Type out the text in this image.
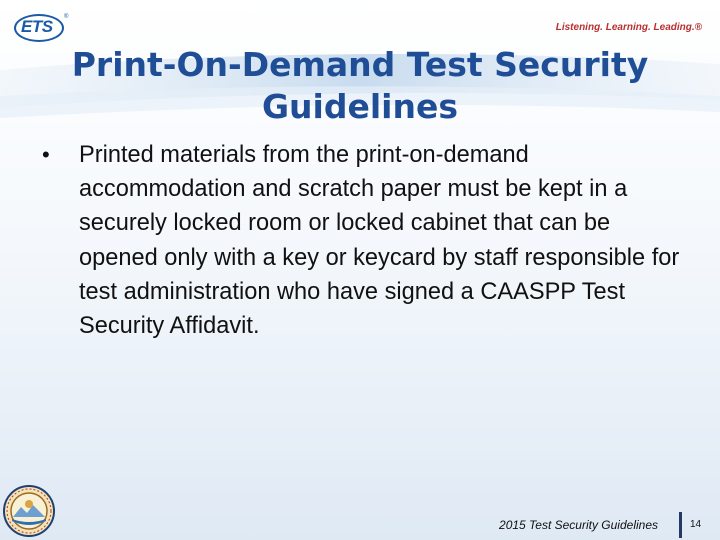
ETS ®
Listening. Learning. Leading.®
Print-On-Demand Test Security Guidelines
• Printed materials from the print-on-demand accommodation and scratch paper must be kept in a securely locked room or locked cabinet that can be opened only with a key or keycard by staff responsible for test administration who have signed a CAASPP Test Security Affidavit.
2015 Test Security Guidelines	14
